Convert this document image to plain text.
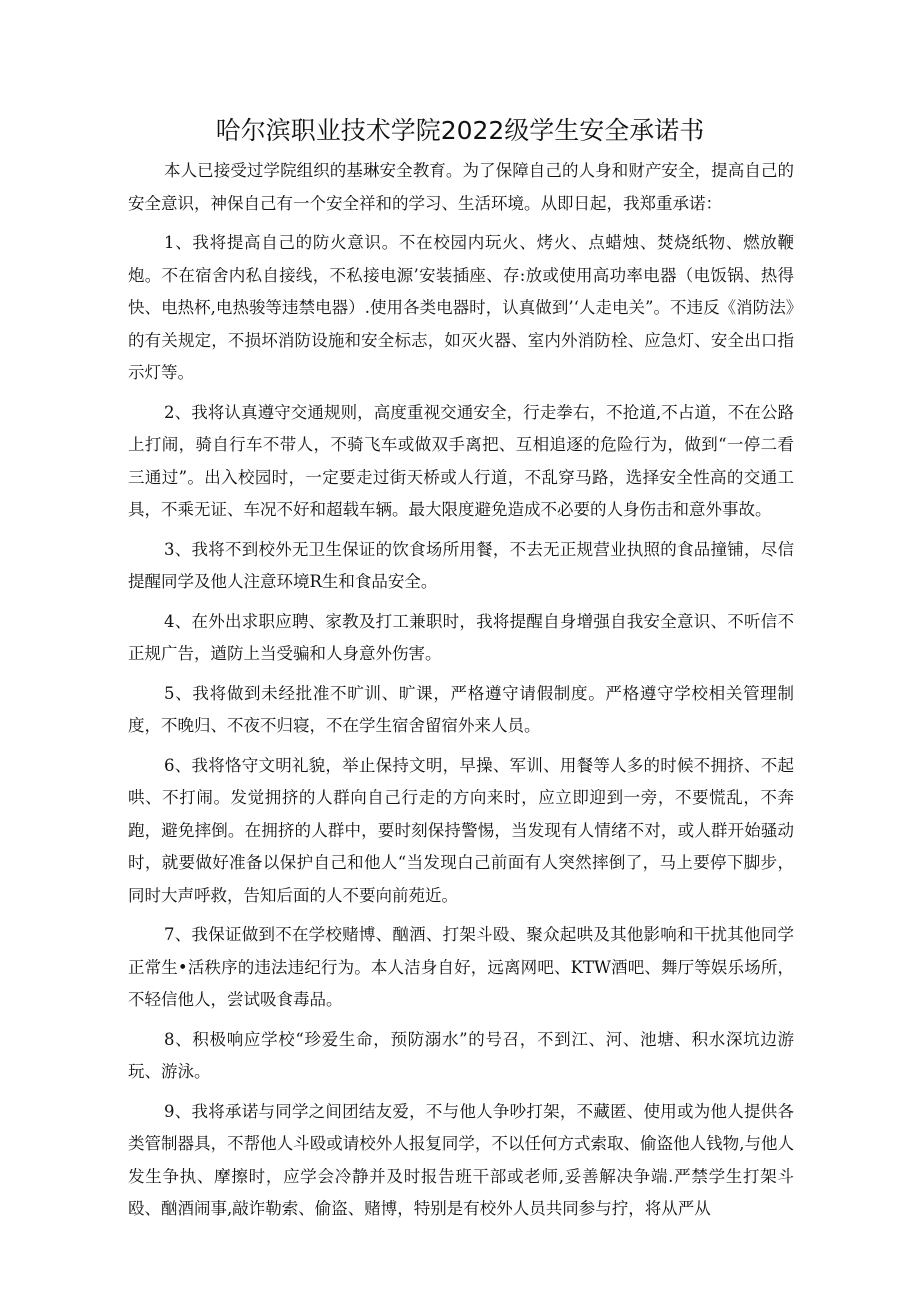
哈尔滨职业技术学院2022级学生安全承诺书

本人已接受过学院组织的基琳安全教育。为了保障自己的人身和财产安全，提高自己的安全意识，神保自己有一个安全祥和的学习、生活环境。从即日起，我郑重承诺：

1、我将提高自己的防火意识。不在校园内玩火、烤火、点蜡烛、焚烧纸物、燃放鞭炮。不在宿舍内私自接线，不私接电源’安装插座、存:放或使用高功率电器（电饭锅、热得快、电热杯,电热骏等违禁电器）.使用各类电器时，认真做到’‘人走电关”。不违反《消防法》的有关规定，不损坏消防设施和安全标志，如灭火器、室内外消防栓、应急灯、安全出口指示灯等。

2、我将认真遵守交通规则，高度重视交通安全，行走拳右，不抢道,不占道，不在公路上打闹，骑自行车不带人，不骑飞车或做双手离把、互相追逐的危险行为，做到“一停二看三通过”。出入校园时，一定要走过街天桥或人行道，不乱穿马路，选择安全性高的交通工具，不乘无证、车况不好和超载车辆。最大限度避免造成不必要的人身伤击和意外事故。

3、我将不到校外无卫生保证的饮食场所用餐，不去无正规营业执照的食品撞铺，尽信提醒同学及他人注意环境R生和食品安全。

4、在外出求职应聘、家教及打工兼职时，我将提醒自身增强自我安全意识、不听信不正规广告，遒防上当受骗和人身意外伤害。

5、我将做到未经批准不旷训、旷课，严格遵守请假制度。严格遵守学校相关管理制度，不晚归、不夜不归寝，不在学生宿舍留宿外来人员。

6、我将恪守文明礼貌，举止保持文明，早操、军训、用餐等人多的时候不拥挤、不起哄、不打闹。发觉拥挤的人群向自己行走的方向来时，应立即迎到一旁，不要慌乱，不奔跑，避免摔倒。在拥挤的人群中，要时刻保持警惕，当发现有人情绪不对，或人群开始骚动时，就要做好准备以保护自己和他人“当发现白己前面有人突然摔倒了，马上要停下脚步，同时大声呼救，告知后面的人不要向前苑近。

7、我保证做到不在学校赌博、酗酒、打架斗殴、聚众起哄及其他影响和干扰其他同学正常生•活秩序的违法违纪行为。本人洁身自好，远离网吧、KTW酒吧、舞厅等娱乐场所，不轻信他人，尝试吸食毒品。

8、积极响应学校“珍爱生命，预防溺水”的号召，不到江、河、池塘、积水深坑边游玩、游泳。

9、我将承诺与同学之间团结友爱，不与他人争吵打架，不藏匿、使用或为他人提供各类管制器具，不帮他人斗殴或请校外人报复同学，不以任何方式索取、偷盗他人钱物,与他人发生争执、摩擦时，应学会冷静并及时报告班干部或老师,妥善解决争端.严禁学生打架斗殴、酗酒闹事,敲诈勒索、偷盗、赌博，特别是有校外人员共同参与拧，将从严从
